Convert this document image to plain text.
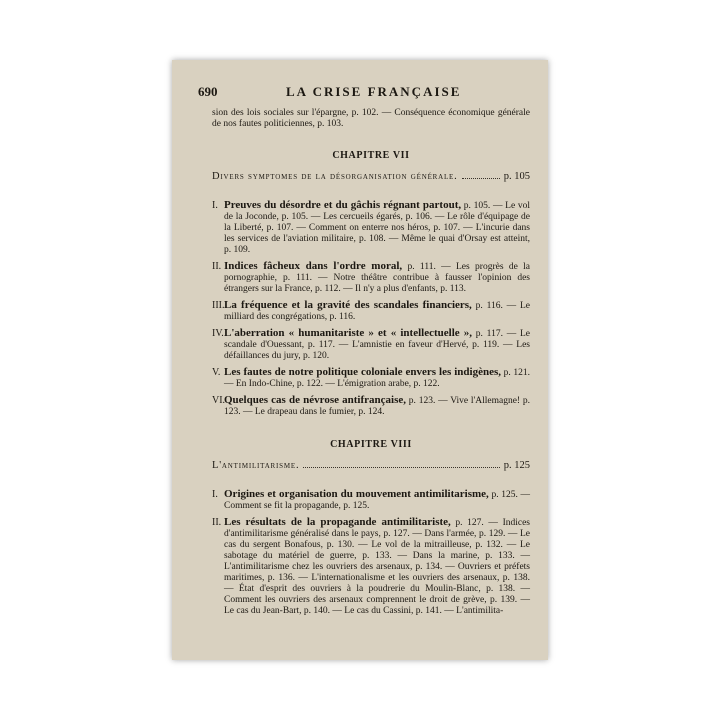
690	LA CRISE FRANÇAISE

sion des lois sociales sur l'épargne, p. 102. — Conséquence économique générale de nos fautes politiciennes, p. 103.

CHAPITRE VII
Divers symptomes de la désorganisation générale.	p. 105
I. Preuves du désordre et du gâchis régnant partout, p. 105. — Le vol de la Joconde, p. 105. — Les cercueils égarés, p. 106. — Le rôle d'équipage de la Liberté, p. 107. — Comment on enterre nos héros, p. 107. — L'incurie dans les services de l'aviation militaire, p. 108. — Même le quai d'Orsay est atteint, p. 109.
II. Indices fâcheux dans l'ordre moral, p. 111. — Les progrès de la pornographie, p. 111. — Notre théâtre contribue à fausser l'opinion des étrangers sur la France, p. 112. — Il n'y a plus d'enfants, p. 113.
III. La fréquence et la gravité des scandales financiers, p. 116. — Le milliard des congrégations, p. 116.
IV. L'aberration « humanitariste » et « intellectuelle », p. 117. — Le scandale d'Ouessant, p. 117. — L'amnistie en faveur d'Hervé, p. 119. — Les défaillances du jury, p. 120.
V. Les fautes de notre politique coloniale envers les indigènes, p. 121. — En Indo-Chine, p. 122. — L'émigration arabe, p. 122.
VI.
Quelques cas de névrose antifrançaise, p. 123. — Vive l'Allemagne! p. 123. — Le drapeau dans le fumier, p. 124.
CHAPITRE VIII
L'antimilitarisme.	p. 125
I. Origines et organisation du mouvement antimilitarisme, p. 125. — Comment se fit la propagande, p. 125.
II. Les résultats de la propagande antimilitariste, p. 127. — Indices d'antimilitarisme généralisé dans le pays, p. 127. — Dans l'armée, p. 129. — Le cas du sergent Bonafous, p. 130. — Le vol de la mitrailleuse, p. 132. — Le sabotage du matériel de guerre, p. 133. — Dans la marine, p. 133. — L'antimilitarisme chez les ouvriers des arsenaux, p. 134. — Ouvriers et préfets maritimes, p. 136. — L'internationalisme et les ouvriers des arsenaux, p. 138. — État d'esprit des ouvriers à la poudrerie du Moulin-Blanc, p. 138. — Comment les ouvriers des arsenaux comprennent le droit de grève, p. 139. — Le cas du Jean-Bart, p. 140. — Le cas du Cassini, p. 141. — L'antimilita-
